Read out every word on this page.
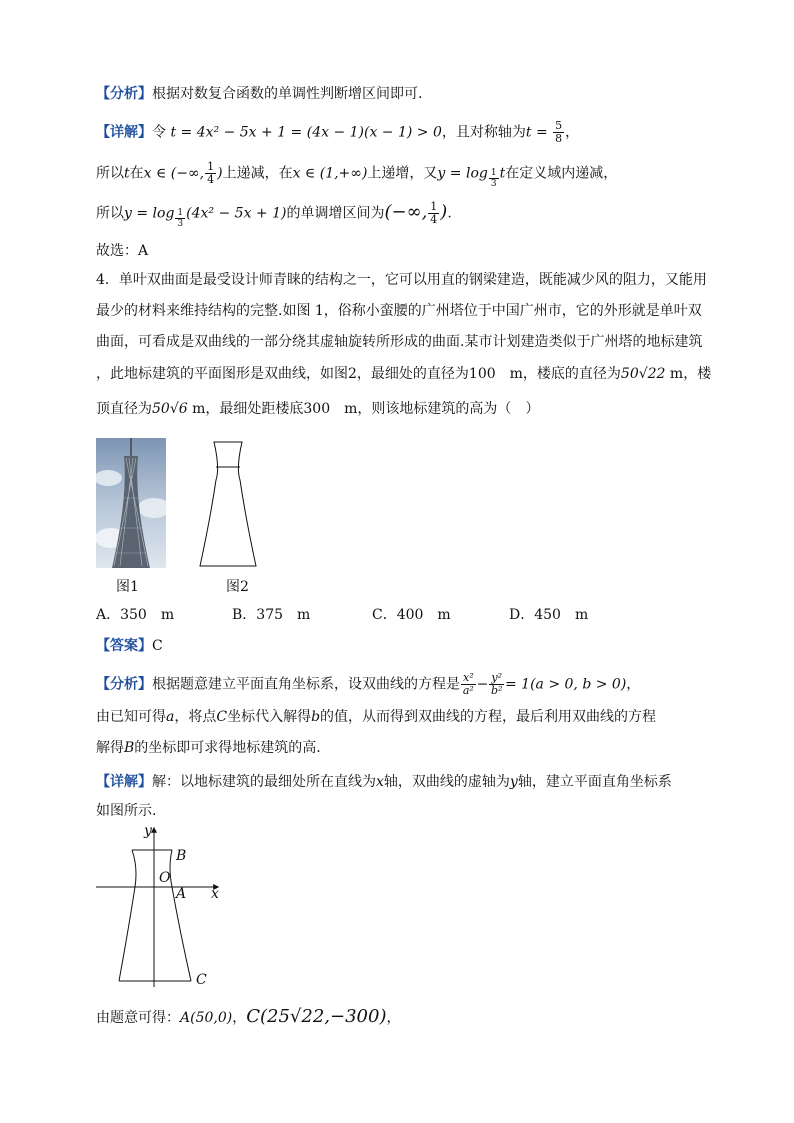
【分析】根据对数复合函数的单调性判断增区间即可.
【详解】令 t = 4x² − 5x + 1 = (4x − 1)(x − 1) > 0，且对称轴为$t = \frac{5}{8}$ ，
所以t在x ∈ (−∞, $\frac{1}{4}$ )上递减，在x ∈ (1,+∞)上递增，又$y = \log \frac{1}{3}$ t在定义域内递减，
所以$y = \log \frac{1}{3} (4x^2 - 5x + 1)$的单调增区间为(−∞, $\frac{1}{4}$ ).
故选：A
4．单叶双曲面是最受设计师青睐的结构之一，它可以用直的钢梁建造，既能减少风的阻力，又能用
最少的材料来维持结构的完整.如图 1，俗称小蛮腰的广州塔位于中国广州市，它的外形就是单叶双
曲面，可看成是双曲线的一部分绕其虚轴旋转所形成的曲面.某市计划建造类似于广州塔的地标建筑
，此地标建筑的平面图形是双曲线，如图2，最细处的直径为100　m，楼底的直径为50√22 m，楼
顶直径为50√6 m，最细处距楼底300　m，则该地标建筑的高为（　）
图1	图2
A．350　m	B．375　m	C．400　m	D．450　m
【答案】C
【分析】根据题意建立平面直角坐标系，设双曲线的方程是 $\frac{\text{x²}}{\text{a²}} - \frac{\text{y²}}{\text{b²}} = 1(a > 0$, b > 0)，
由已知可得a，将点C坐标代入解得b的值，从而得到双曲线的方程，最后利用双曲线的方程
解得B的坐标即可求得地标建筑的高.
【详解】解：以地标建筑的最细处所在直线为x轴，双曲线的虚轴为y轴，建立平面直角坐标系
如图所示.
y
x
O
A
B
C
由题意可得：A(50,0)，C(25√22,−300)，
